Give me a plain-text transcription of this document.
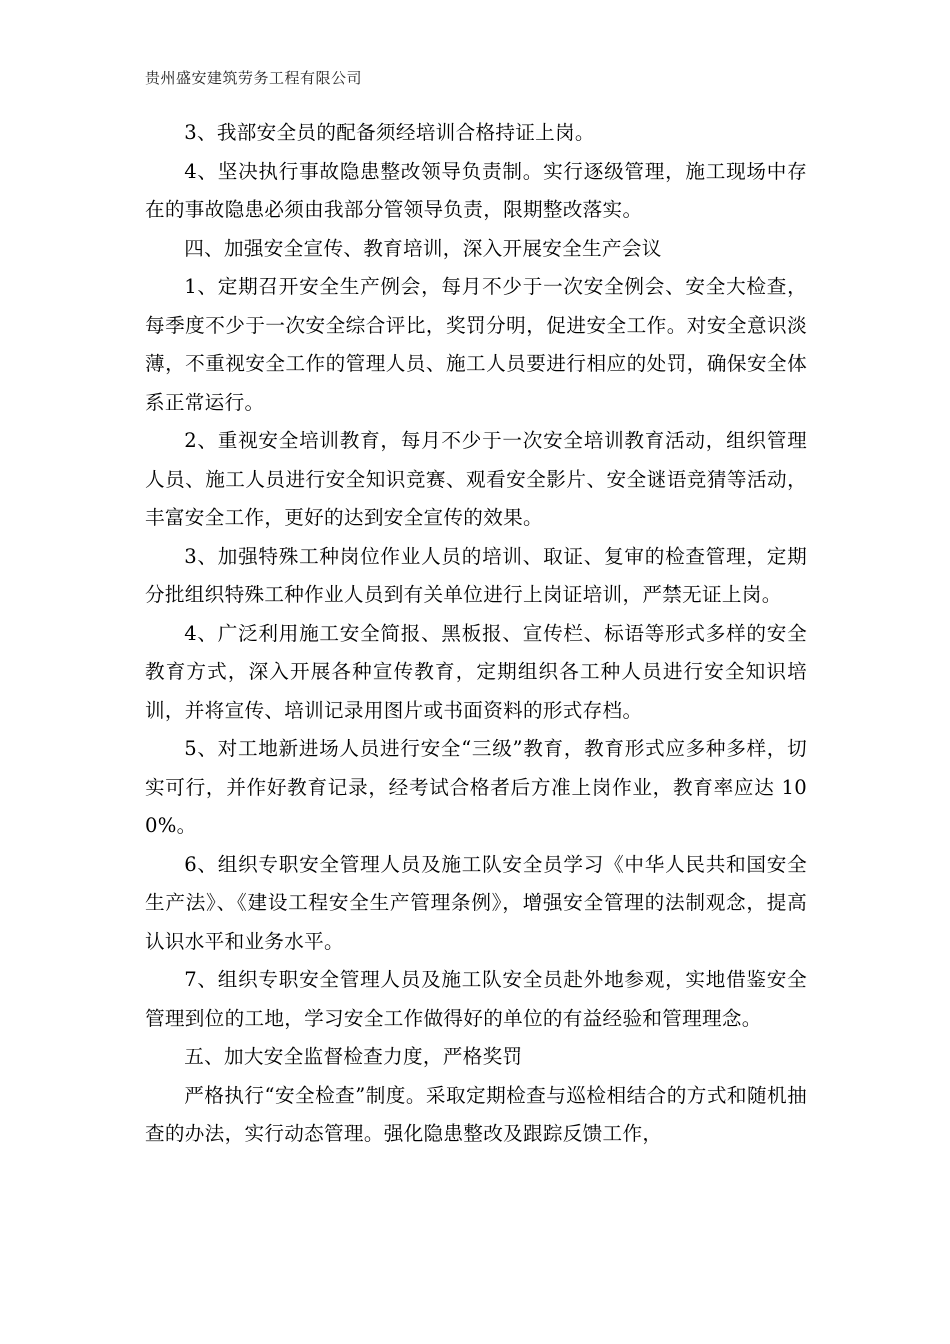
贵州盛安建筑劳务工程有限公司

3、我部安全员的配备须经培训合格持证上岗。

4、坚决执行事故隐患整改领导负责制。实行逐级管理，施工现场中存在的事故隐患必须由我部分管领导负责，限期整改落实。

四、加强安全宣传、教育培训，深入开展安全生产会议

1、定期召开安全生产例会，每月不少于一次安全例会、安全大检查，每季度不少于一次安全综合评比，奖罚分明，促进安全工作。对安全意识淡薄，不重视安全工作的管理人员、施工人员要进行相应的处罚，确保安全体系正常运行。

2、重视安全培训教育，每月不少于一次安全培训教育活动，组织管理人员、施工人员进行安全知识竞赛、观看安全影片、安全谜语竞猜等活动，丰富安全工作，更好的达到安全宣传的效果。

3、加强特殊工种岗位作业人员的培训、取证、复审的检查管理，定期分批组织特殊工种作业人员到有关单位进行上岗证培训，严禁无证上岗。

4、广泛利用施工安全简报、黑板报、宣传栏、标语等形式多样的安全教育方式，深入开展各种宣传教育，定期组织各工种人员进行安全知识培训，并将宣传、培训记录用图片或书面资料的形式存档。

5、对工地新进场人员进行安全“三级”教育，教育形式应多种多样，切实可行，并作好教育记录，经考试合格者后方准上岗作业，教育率应达 100%。

6、组织专职安全管理人员及施工队安全员学习《中华人民共和国安全生产法》、《建设工程安全生产管理条例》，增强安全管理的法制观念，提高认识水平和业务水平。

7、组织专职安全管理人员及施工队安全员赴外地参观，实地借鉴安全管理到位的工地，学习安全工作做得好的单位的有益经验和管理理念。

五、加大安全监督检查力度，严格奖罚

严格执行“安全检查”制度。采取定期检查与巡检相结合的方式和随机抽查的办法，实行动态管理。强化隐患整改及跟踪反馈工作，
